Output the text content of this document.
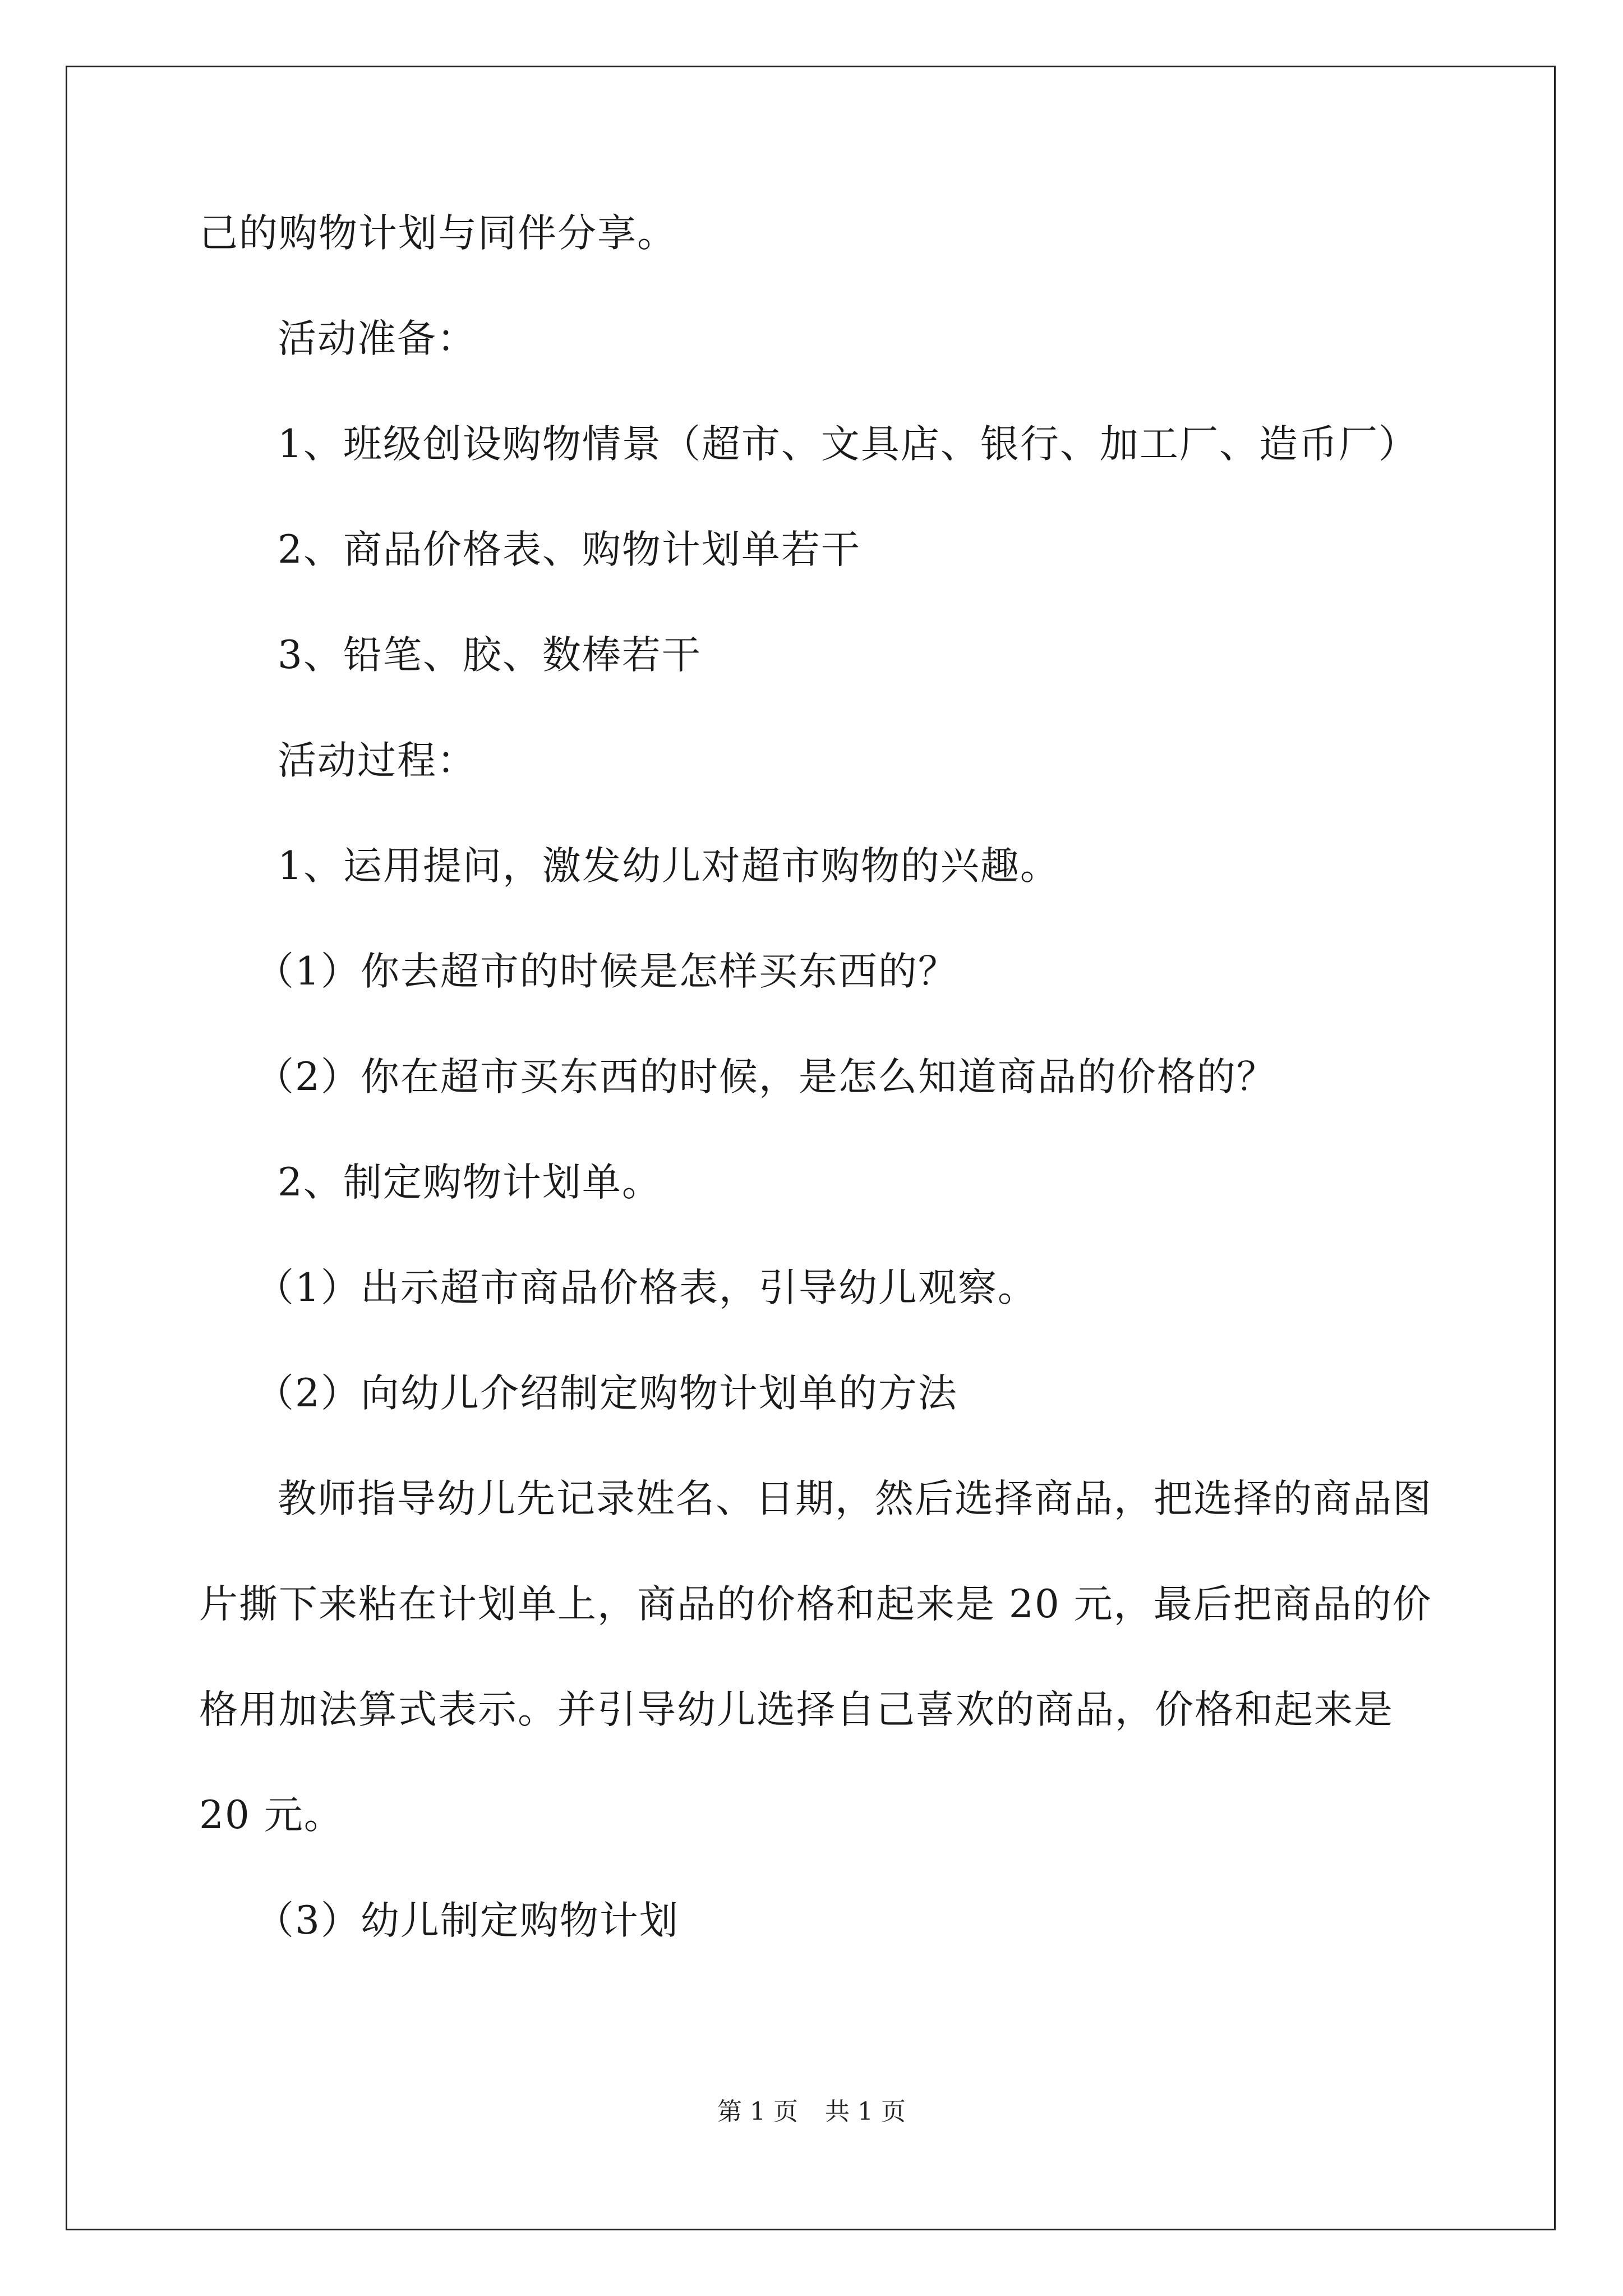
己的购物计划与同伴分享。
活动准备：
1、班级创设购物情景（超市、文具店、银行、加工厂、造币厂）
2、商品价格表、购物计划单若干
3、铅笔、胶、数棒若干
活动过程：
1、运用提问，激发幼儿对超市购物的兴趣。
（1）你去超市的时候是怎样买东西的？
（2）你在超市买东西的时候，是怎么知道商品的价格的？
2、制定购物计划单。
（1）出示超市商品价格表，引导幼儿观察。
（2）向幼儿介绍制定购物计划单的方法
教师指导幼儿先记录姓名、日期，然后选择商品，把选择的商品图片撕下来粘在计划单上，商品的价格和起来是 20 元，最后把商品的价格用加法算式表示。并引导幼儿选择自己喜欢的商品，价格和起来是 20 元。
（3）幼儿制定购物计划
第 1 页 共 1 页
